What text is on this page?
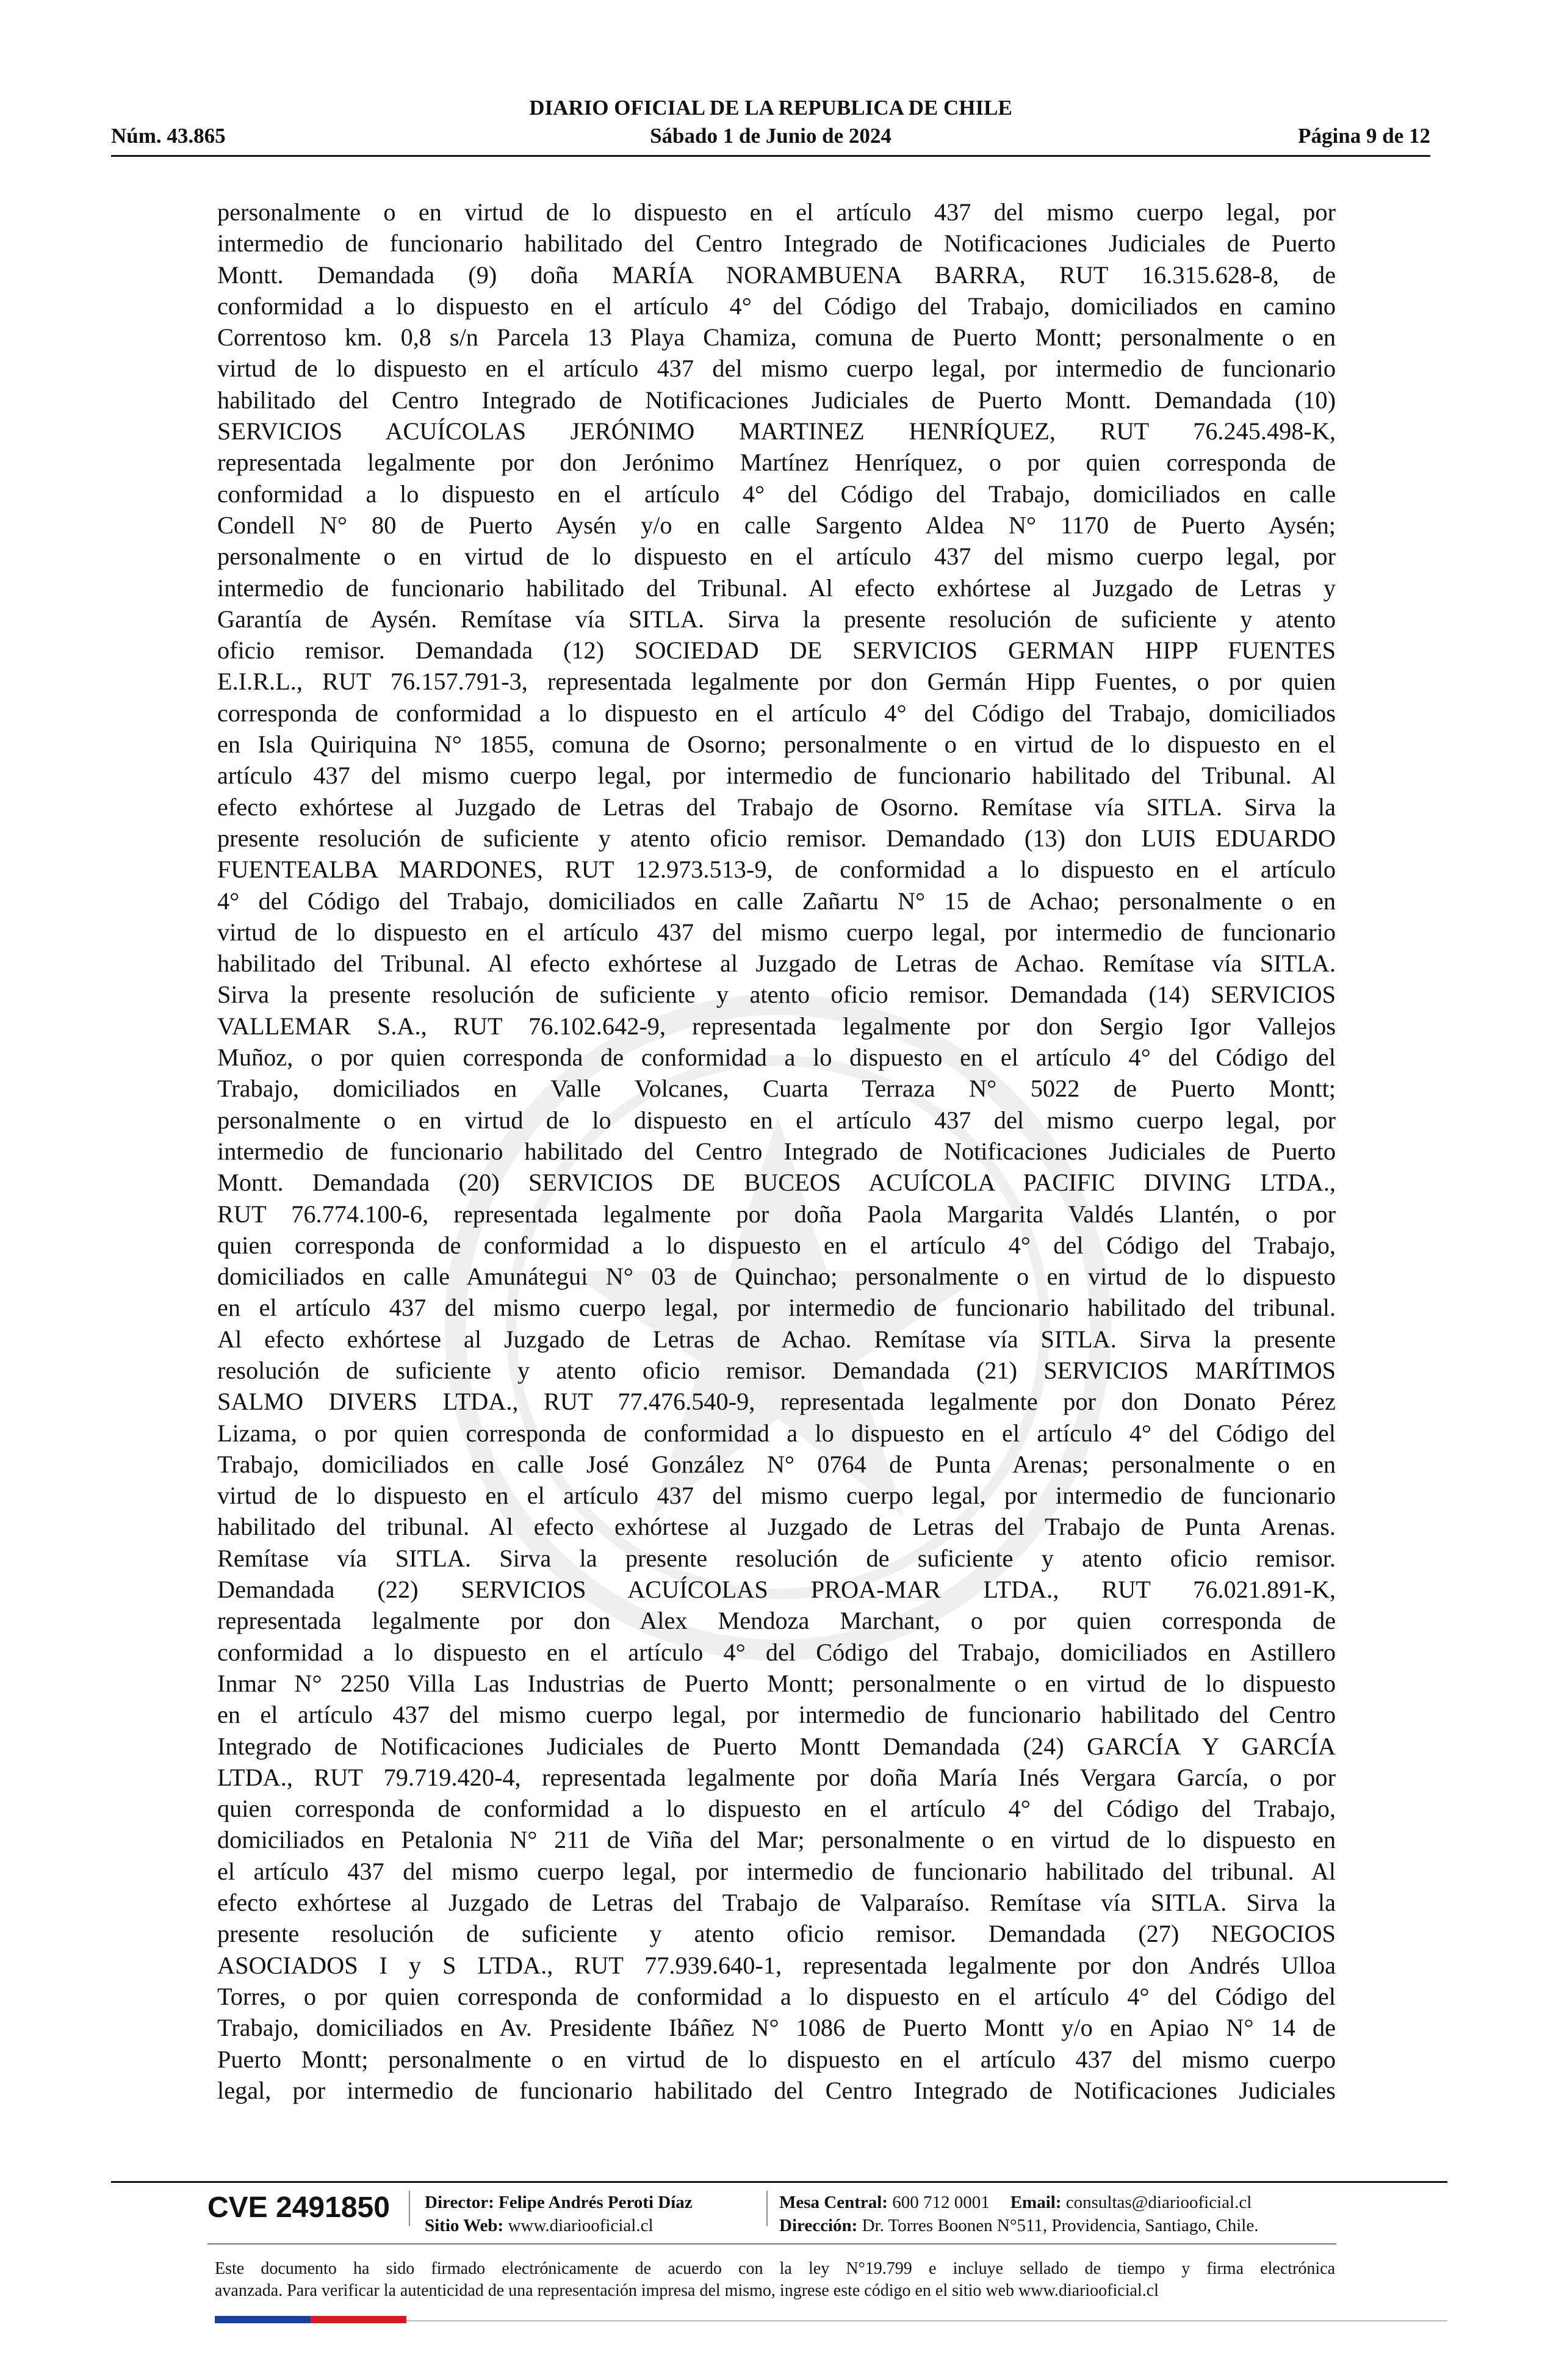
DIARIO OFICIAL DE LA REPUBLICA DE CHILE
Núm. 43.865	Sábado 1 de Junio de 2024	Página 9 de 12
personalmente o en virtud de lo dispuesto en el artículo 437 del mismo cuerpo legal, por
intermedio de funcionario habilitado del Centro Integrado de Notificaciones Judiciales de Puerto
Montt. Demandada (9) doña MARÍA NORAMBUENA BARRA, RUT 16.315.628-8, de
conformidad a lo dispuesto en el artículo 4° del Código del Trabajo, domiciliados en camino
Correntoso km. 0,8 s/n Parcela 13 Playa Chamiza, comuna de Puerto Montt; personalmente o en
virtud de lo dispuesto en el artículo 437 del mismo cuerpo legal, por intermedio de funcionario
habilitado del Centro Integrado de Notificaciones Judiciales de Puerto Montt. Demandada (10)
SERVICIOS ACUÍCOLAS JERÓNIMO MARTINEZ HENRÍQUEZ, RUT 76.245.498-K,
representada legalmente por don Jerónimo Martínez Henríquez, o por quien corresponda de
conformidad a lo dispuesto en el artículo 4° del Código del Trabajo, domiciliados en calle
Condell N° 80 de Puerto Aysén y/o en calle Sargento Aldea N° 1170 de Puerto Aysén;
personalmente o en virtud de lo dispuesto en el artículo 437 del mismo cuerpo legal, por
intermedio de funcionario habilitado del Tribunal. Al efecto exhórtese al Juzgado de Letras y
Garantía de Aysén. Remítase vía SITLA. Sirva la presente resolución de suficiente y atento
oficio remisor. Demandada (12) SOCIEDAD DE SERVICIOS GERMAN HIPP FUENTES
E.I.R.L., RUT 76.157.791-3, representada legalmente por don Germán Hipp Fuentes, o por quien
corresponda de conformidad a lo dispuesto en el artículo 4° del Código del Trabajo, domiciliados
en Isla Quiriquina N° 1855, comuna de Osorno; personalmente o en virtud de lo dispuesto en el
artículo 437 del mismo cuerpo legal, por intermedio de funcionario habilitado del Tribunal. Al
efecto exhórtese al Juzgado de Letras del Trabajo de Osorno. Remítase vía SITLA. Sirva la
presente resolución de suficiente y atento oficio remisor. Demandado (13) don LUIS EDUARDO
FUENTEALBA MARDONES, RUT 12.973.513-9, de conformidad a lo dispuesto en el artículo
4° del Código del Trabajo, domiciliados en calle Zañartu N° 15 de Achao; personalmente o en
virtud de lo dispuesto en el artículo 437 del mismo cuerpo legal, por intermedio de funcionario
habilitado del Tribunal. Al efecto exhórtese al Juzgado de Letras de Achao. Remítase vía SITLA.
Sirva la presente resolución de suficiente y atento oficio remisor. Demandada (14) SERVICIOS
VALLEMAR S.A., RUT 76.102.642-9, representada legalmente por don Sergio Igor Vallejos
Muñoz, o por quien corresponda de conformidad a lo dispuesto en el artículo 4° del Código del
Trabajo, domiciliados en Valle Volcanes, Cuarta Terraza N° 5022 de Puerto Montt;
personalmente o en virtud de lo dispuesto en el artículo 437 del mismo cuerpo legal, por
intermedio de funcionario habilitado del Centro Integrado de Notificaciones Judiciales de Puerto
Montt. Demandada (20) SERVICIOS DE BUCEOS ACUÍCOLA PACIFIC DIVING LTDA.,
RUT 76.774.100-6, representada legalmente por doña Paola Margarita Valdés Llantén, o por
quien corresponda de conformidad a lo dispuesto en el artículo 4° del Código del Trabajo,
domiciliados en calle Amunátegui N° 03 de Quinchao; personalmente o en virtud de lo dispuesto
en el artículo 437 del mismo cuerpo legal, por intermedio de funcionario habilitado del tribunal.
Al efecto exhórtese al Juzgado de Letras de Achao. Remítase vía SITLA. Sirva la presente
resolución de suficiente y atento oficio remisor. Demandada (21) SERVICIOS MARÍTIMOS
SALMO DIVERS LTDA., RUT 77.476.540-9, representada legalmente por don Donato Pérez
Lizama, o por quien corresponda de conformidad a lo dispuesto en el artículo 4° del Código del
Trabajo, domiciliados en calle José González N° 0764 de Punta Arenas; personalmente o en
virtud de lo dispuesto en el artículo 437 del mismo cuerpo legal, por intermedio de funcionario
habilitado del tribunal. Al efecto exhórtese al Juzgado de Letras del Trabajo de Punta Arenas.
Remítase vía SITLA. Sirva la presente resolución de suficiente y atento oficio remisor.
Demandada (22) SERVICIOS ACUÍCOLAS PROA-MAR LTDA., RUT 76.021.891-K,
representada legalmente por don Alex Mendoza Marchant, o por quien corresponda de
conformidad a lo dispuesto en el artículo 4° del Código del Trabajo, domiciliados en Astillero
Inmar N° 2250 Villa Las Industrias de Puerto Montt; personalmente o en virtud de lo dispuesto
en el artículo 437 del mismo cuerpo legal, por intermedio de funcionario habilitado del Centro
Integrado de Notificaciones Judiciales de Puerto Montt Demandada (24) GARCÍA Y GARCÍA
LTDA., RUT 79.719.420-4, representada legalmente por doña María Inés Vergara García, o por
quien corresponda de conformidad a lo dispuesto en el artículo 4° del Código del Trabajo,
domiciliados en Petalonia N° 211 de Viña del Mar; personalmente o en virtud de lo dispuesto en
el artículo 437 del mismo cuerpo legal, por intermedio de funcionario habilitado del tribunal. Al
efecto exhórtese al Juzgado de Letras del Trabajo de Valparaíso. Remítase vía SITLA. Sirva la
presente resolución de suficiente y atento oficio remisor. Demandada (27) NEGOCIOS
ASOCIADOS I y S LTDA., RUT 77.939.640-1, representada legalmente por don Andrés Ulloa
Torres, o por quien corresponda de conformidad a lo dispuesto en el artículo 4° del Código del
Trabajo, domiciliados en Av. Presidente Ibáñez N° 1086 de Puerto Montt y/o en Apiao N° 14 de
Puerto Montt; personalmente o en virtud de lo dispuesto en el artículo 437 del mismo cuerpo
legal, por intermedio de funcionario habilitado del Centro Integrado de Notificaciones Judiciales
CVE 2491850 Director: Felipe Andrés Peroti Díaz
Sitio Web: www.diariooficial.cl
Mesa Central: 600 712 0001 Email: consultas@diariooficial.cl
Dirección: Dr. Torres Boonen N°511, Providencia, Santiago, Chile.
Este documento ha sido firmado electrónicamente de acuerdo con la ley N°19.799 e incluye sellado de tiempo y firma electrónica
avanzada. Para verificar la autenticidad de una representación impresa del mismo, ingrese este código en el sitio web www.diariooficial.cl
